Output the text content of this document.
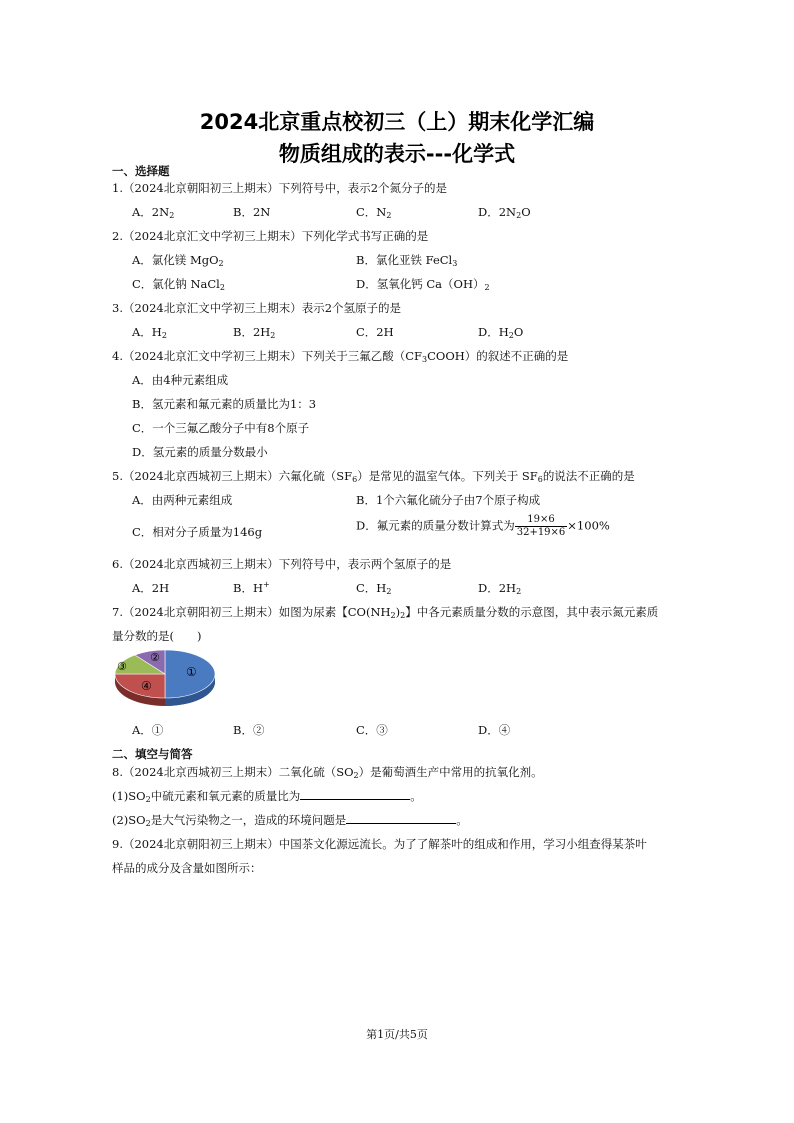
2024北京重点校初三（上）期末化学汇编
物质组成的表示---化学式
一、选择题
1.（2024北京朝阳初三上期末）下列符号中，表示2个氮分子的是
A．$2N_2$	B．2N	C．$N_2$	D．$2N_2O$
2.（2024北京汇文中学初三上期末）下列化学式书写正确的是
A．氯化镁 MgO$_2$	B．氯化亚铁 FeCl$_3$
C．氯化钠 NaCl$_2$	D．氢氧化钙 $Ca(OH)_2$
3.（2024北京汇文中学初三上期末）表示2个氢原子的是
A．$H_2$	B．$2H_2$	C．2H	D．$H_2O$
4.（2024北京汇文中学初三上期末）下列关于三氟乙酸$(CF_3COOH)$的叙述不正确的是
A．由4种元素组成
B．氢元素和氟元素的质量比为1：3
C．一个三氟乙酸分子中有8个原子
D．氢元素的质量分数最小
5.（2024北京西城初三上期末）六氟化硫$(SF_6)$是常见的温室气体。下列关于 $SF_6$的说法不正确的是
A．由两种元素组成	B．1个六氟化硫分子由7个原子构成
C．相对分子质量为146g	D．氟元素的质量分数计算式为 $\frac{19\times 6}{32+19\times 6} \times 100\%$
6.（2024北京西城初三上期末）下列符号中，表示两个氢原子的是
A．2H	B．H+	C．$H_2$	D．$2H_2$
7.（2024北京朝阳初三上期末）如图为尿素【$CO(NH_2)_2$】中各元素质量分数的示意图，其中表示氮元素质
量分数的是(　　)
①
②
③
④
A．①	B．②	C．③	D．④
二、填空与简答
8.（2024北京西城初三上期末）二氧化硫$(SO_2)$是葡萄酒生产中常用的抗氧化剂。
$(1)SO_2$中硫元素和氧元素的质量比为	。
$(2)SO_2$是大气污染物之一，造成的环境问题是	。
9.（2024北京朝阳初三上期末）中国茶文化源远流长。为了了解茶叶的组成和作用，学习小组查得某茶叶
样品的成分及含量如图所示：
第1页/共5页
